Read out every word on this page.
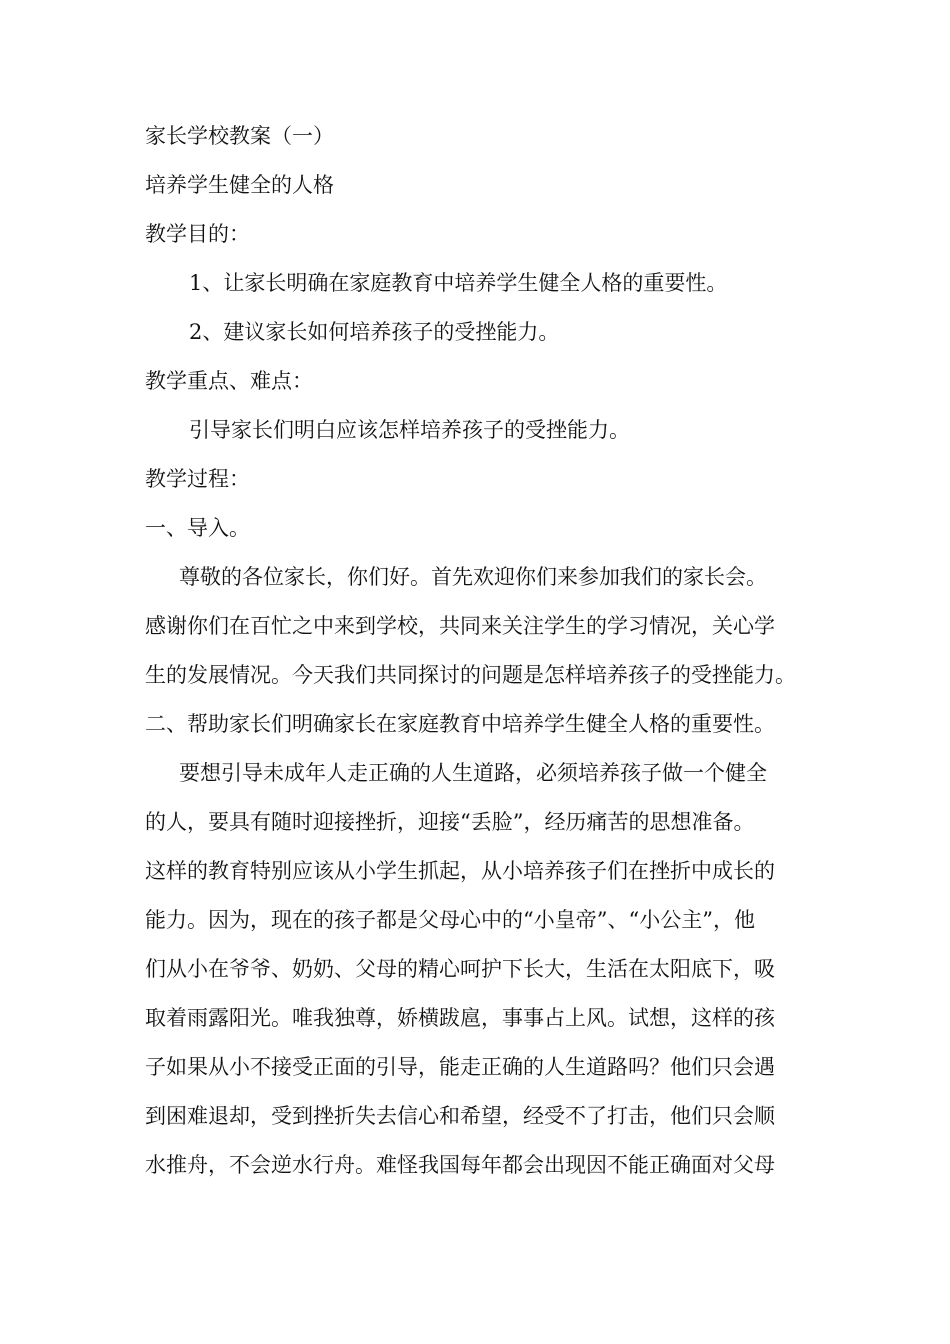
家长学校教案（一）
培养学生健全的人格
教学目的：
1、让家长明确在家庭教育中培养学生健全人格的重要性。
2、建议家长如何培养孩子的受挫能力。
教学重点、难点：
引导家长们明白应该怎样培养孩子的受挫能力。
教学过程：
一、导入。
尊敬的各位家长，你们好。首先欢迎你们来参加我们的家长会。
感谢你们在百忙之中来到学校，共同来关注学生的学习情况，关心学
生的发展情况。今天我们共同探讨的问题是怎样培养孩子的受挫能力。
二、帮助家长们明确家长在家庭教育中培养学生健全人格的重要性。
要想引导未成年人走正确的人生道路，必须培养孩子做一个健全
的人，要具有随时迎接挫折，迎接“丢脸”，经历痛苦的思想准备。
这样的教育特别应该从小学生抓起，从小培养孩子们在挫折中成长的
能力。因为，现在的孩子都是父母心中的“小皇帝”、“小公主”，他
们从小在爷爷、奶奶、父母的精心呵护下长大，生活在太阳底下，吸
取着雨露阳光。唯我独尊，娇横跋扈，事事占上风。试想，这样的孩
子如果从小不接受正面的引导，能走正确的人生道路吗？他们只会遇
到困难退却，受到挫折失去信心和希望，经受不了打击，他们只会顺
水推舟，不会逆水行舟。难怪我国每年都会出现因不能正确面对父母
